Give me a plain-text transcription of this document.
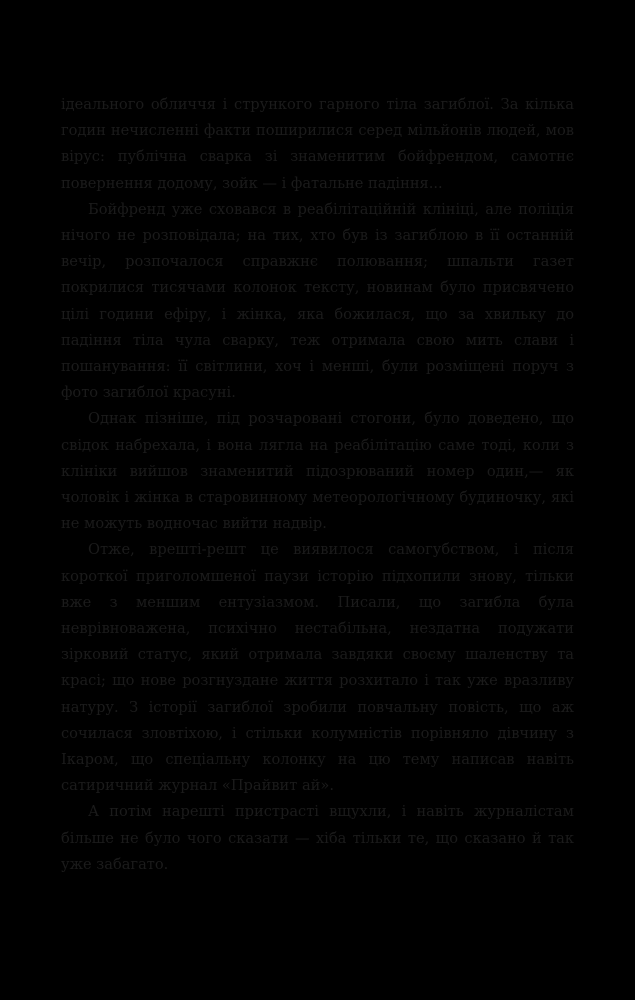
ідеального обличчя і стрункого гарного тіла загиблої. За кілька годин нечисленні факти поширилися серед мільйонів людей, мов вірус: публічна сварка зі знаменитим бойфрендом, самотнє повернення додому, зойк — і фатальне падіння...

Бойфренд уже сховався в реабілітаційній клініці, але поліція нічого не розповідала; на тих, хто був із загиблою в її останній вечір, розпочалося справжнє полювання; шпальти газет покрилися тисячами колонок тексту, новинам було присвячено цілі години ефіру, і жінка, яка божилася, що за хвильку до падіння тіла чула сварку, теж отримала свою мить слави і пошанування: її світлини, хоч і менші, були розміщені поруч з фото загиблої красуні.

Однак пізніше, під розчаровані стогони, було доведено, що свідок набрехала, і вона лягла на реабілітацію саме тоді, коли з клініки вийшов знаменитий підозрюваний номер один,— як чоловік і жінка в старовинному метеорологічному будиночку, які не можуть водночас вийти надвір.

Отже, врешті-решт це виявилося самогубством, і після короткої приголомшеної паузи історію підхопили знову, тільки вже з меншим ентузіазмом. Писали, що загибла була неврівноважена, психічно нестабільна, нездатна подужати зірковий статус, який отримала завдяки своєму шаленству та красі; що нове розгнуздане життя розхитало і так уже вразливу натуру. З історії загиблої зробили повчальну повість, що аж сочилася зловтіхою, і стільки колумністів порівняло дівчину з Ікаром, що спеціальну колонку на цю тему написав навіть сатиричний журнал «Прайвит ай».

А потім нарешті пристрасті вщухли, і навіть журналістам більше не було чого сказати — хіба тільки те, що сказано й так уже забагато.
